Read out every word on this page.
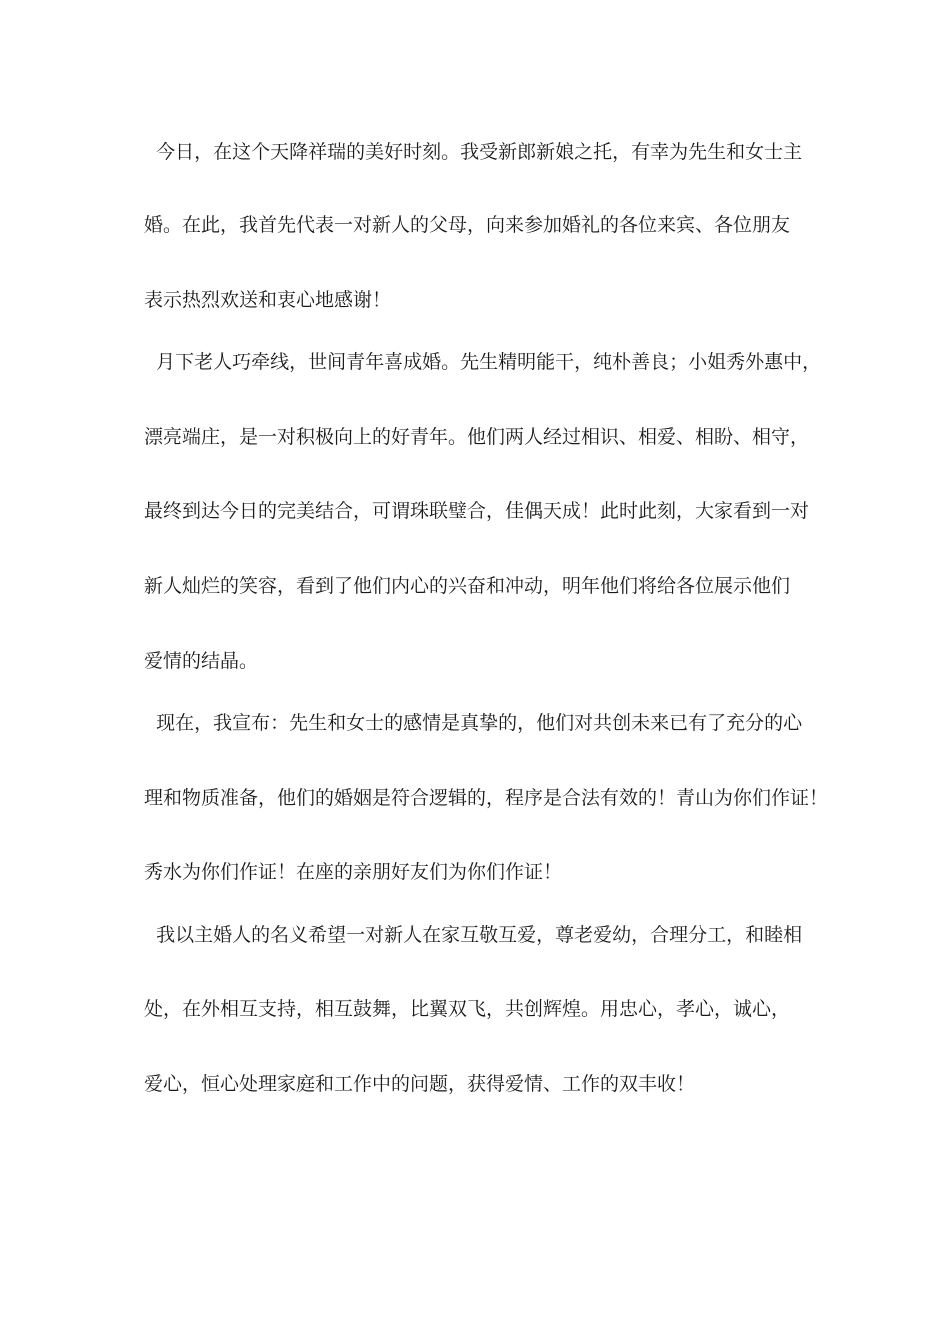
今日，在这个天降祥瑞的美好时刻。我受新郎新娘之托，有幸为先生和女士主
婚。在此，我首先代表一对新人的父母，向来参加婚礼的各位来宾、各位朋友
表示热烈欢送和衷心地感谢！
月下老人巧牵线，世间青年喜成婚。先生精明能干，纯朴善良；小姐秀外惠中，
漂亮端庄，是一对积极向上的好青年。他们两人经过相识、相爱、相盼、相守，
最终到达今日的完美结合，可谓珠联璧合，佳偶天成！此时此刻，大家看到一对
新人灿烂的笑容，看到了他们内心的兴奋和冲动，明年他们将给各位展示他们
爱情的结晶。
现在，我宣布：先生和女士的感情是真挚的，他们对共创未来已有了充分的心
理和物质准备，他们的婚姻是符合逻辑的，程序是合法有效的！青山为你们作证！
秀水为你们作证！在座的亲朋好友们为你们作证！
我以主婚人的名义希望一对新人在家互敬互爱，尊老爱幼，合理分工，和睦相
处，在外相互支持，相互鼓舞，比翼双飞，共创辉煌。用忠心，孝心，诚心，
爱心，恒心处理家庭和工作中的问题，获得爱情、工作的双丰收！
